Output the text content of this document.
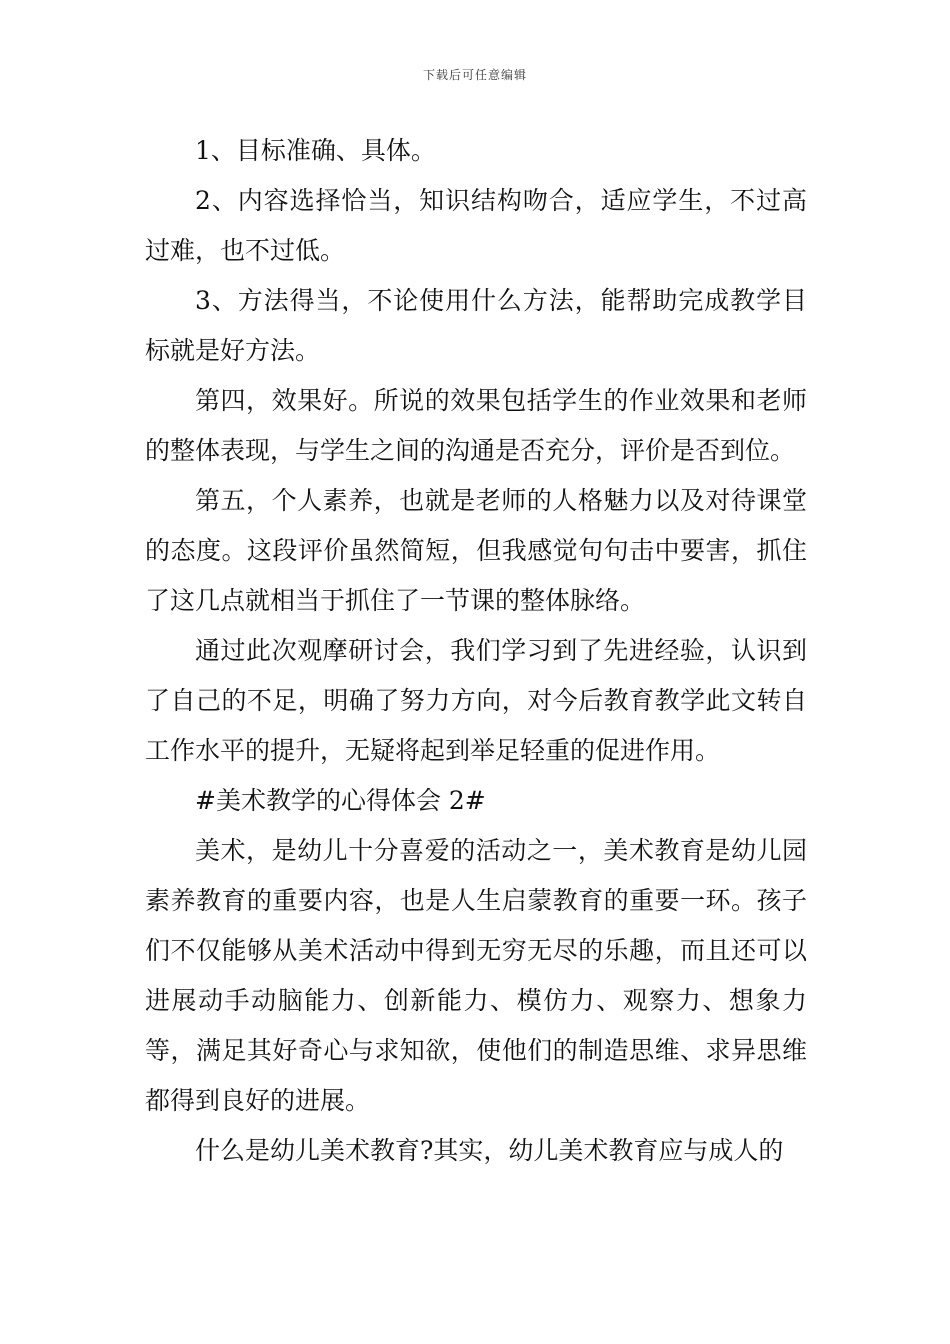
下载后可任意编辑

1、目标准确、具体。

2、内容选择恰当，知识结构吻合，适应学生，不过高过难，也不过低。

3、方法得当，不论使用什么方法，能帮助完成教学目标就是好方法。

第四，效果好。所说的效果包括学生的作业效果和老师的整体表现，与学生之间的沟通是否充分，评价是否到位。

第五，个人素养，也就是老师的人格魅力以及对待课堂的态度。这段评价虽然简短，但我感觉句句击中要害，抓住了这几点就相当于抓住了一节课的整体脉络。

通过此次观摩研讨会，我们学习到了先进经验，认识到了自己的不足，明确了努力方向，对今后教育教学此文转自工作水平的提升，无疑将起到举足轻重的促进作用。

#美术教学的心得体会 2#

美术，是幼儿十分喜爱的活动之一，美术教育是幼儿园素养教育的重要内容，也是人生启蒙教育的重要一环。孩子们不仅能够从美术活动中得到无穷无尽的乐趣，而且还可以进展动手动脑能力、创新能力、模仿力、观察力、想象力等，满足其好奇心与求知欲，使他们的制造思维、求异思维都得到良好的进展。

什么是幼儿美术教育?其实，幼儿美术教育应与成人的
